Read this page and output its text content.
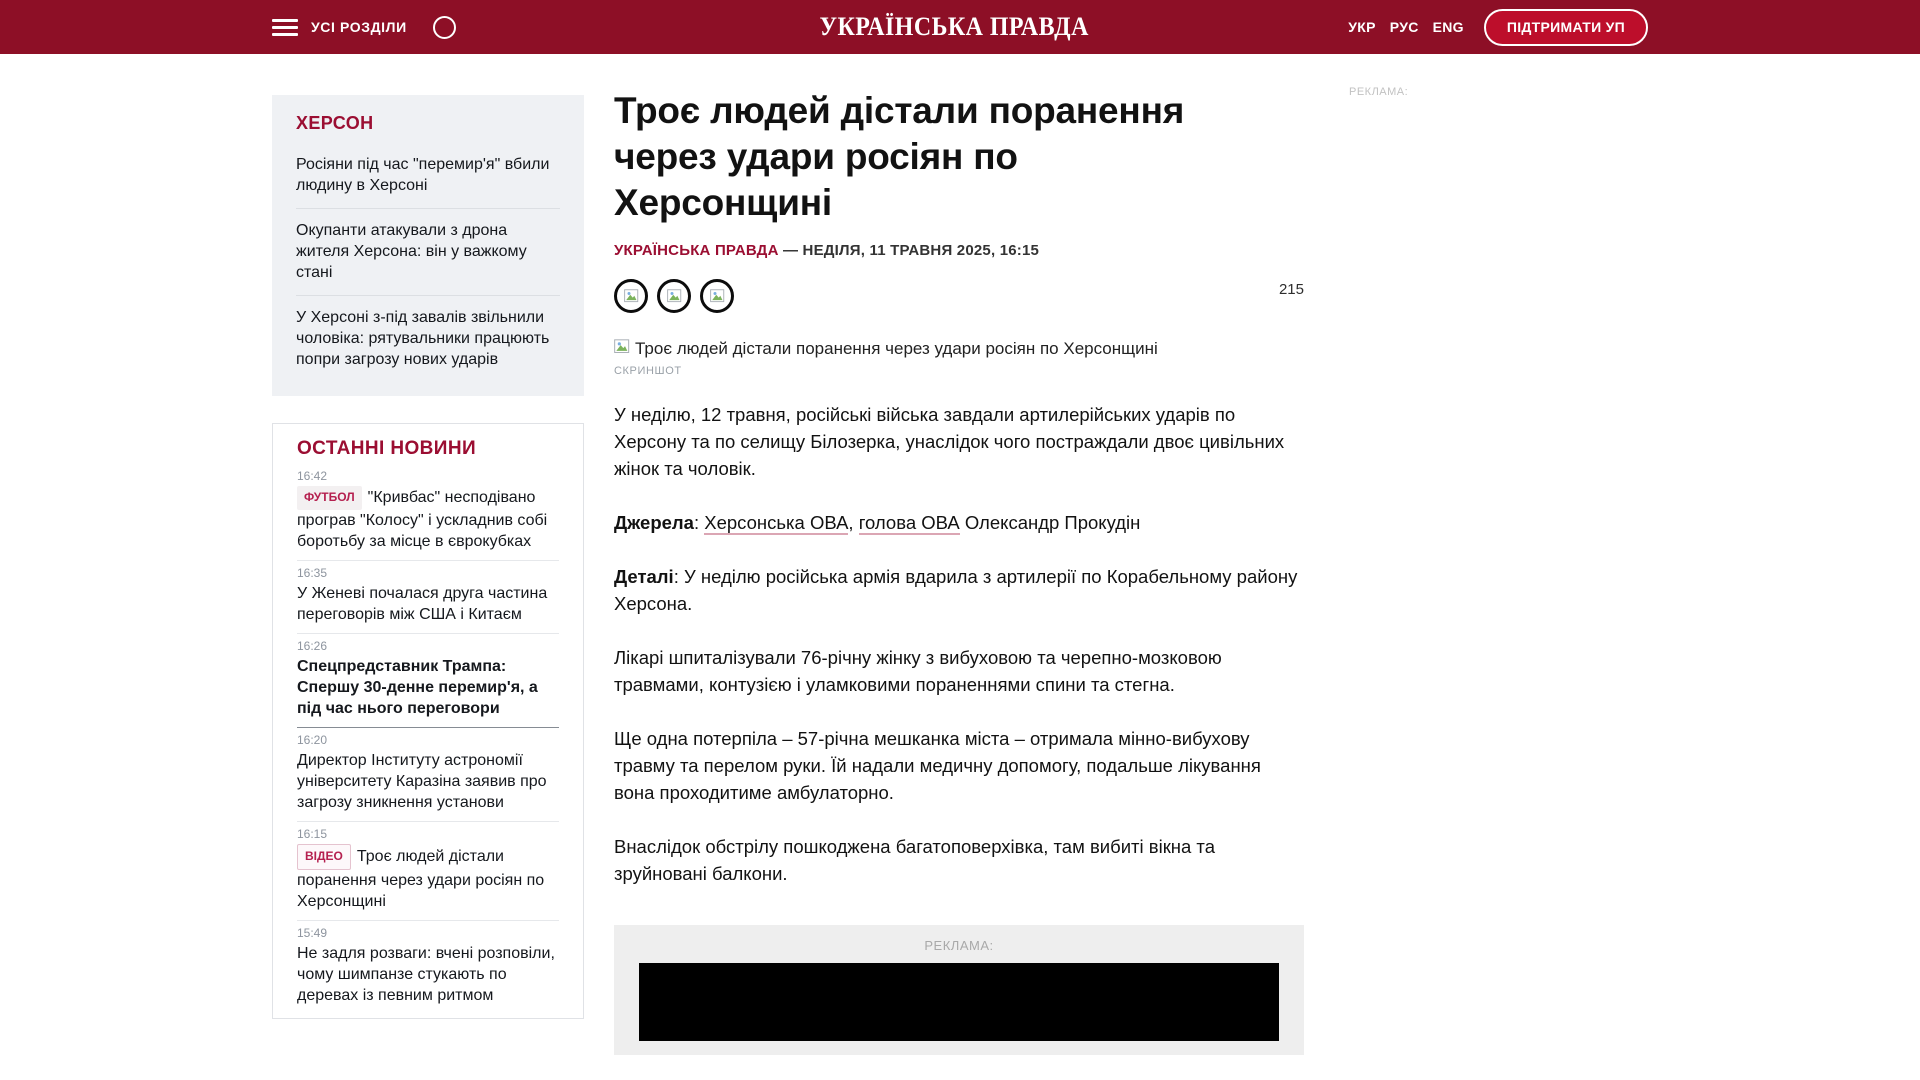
УСІ РОЗДІЛИ	УКРАЇНСЬКА ПРАВДА	УКР РУС ENG	ПІДТРИМАТИ УП
ХЕРСОН
Росіяни під час "перемир'я" вбили людину в Херсоні
Окупанти атакували з дрона жителя Херсона: він у важкому стані
У Херсоні з-під завалів звільнили чоловіка: рятувальники працюють попри загрозу нових ударів
ОСТАННІ НОВИНИ
16:42
ФУТБОЛ "Кривбас" несподівано програв "Колосу" і ускладнив собі боротьбу за місце в єврокубках
16:35
У Женеві почалася друга частина переговорів між США і Китаєм
16:26
Спецпредставник Трампа: Спершу 30-денне перемир'я, а під час нього переговори
16:20
Директор Інституту астрономії університету Каразіна заявив про загрозу зникнення установи
16:15
ВІДЕО Троє людей дістали поранення через удари росіян по Херсонщині
15:49
Не задля розваги: вчені розповіли, чому шимпанзе стукають по деревах із певним ритмом
Троє людей дістали поранення через удари росіян по Херсонщині
УКРАЇНСЬКА ПРАВДА — НЕДІЛЯ, 11 ТРАВНЯ 2025, 16:15
215
Троє людей дістали поранення через удари росіян по Херсонщині
СКРИНШОТ

У неділю, 12 травня, російські війська завдали артилерійських ударів по Херсону та по селищу Білозерка, унаслідок чого постраждали двоє цивільних жінок та чоловік.

Джерела: Херсонська ОВА, голова ОВА Олександр Прокудін

Деталі: У неділю російська армія вдарила з артилерії по Корабельному району Херсона.

Лікарі шпиталізували 76-річну жінку з вибуховою та черепно-мозковою травмами, контузією і уламковими пораненнями спини та стегна.

Ще одна потерпіла – 57-річна мешканка міста – отримала мінно-вибухову травму та перелом руки. Їй надали медичну допомогу, подальше лікування вона проходитиме амбулаторно.

Внаслідок обстрілу пошкоджена багатоповерхівка, там вибиті вікна та зруйновані балкони.

РЕКЛАМА:
РЕКЛАМА:
